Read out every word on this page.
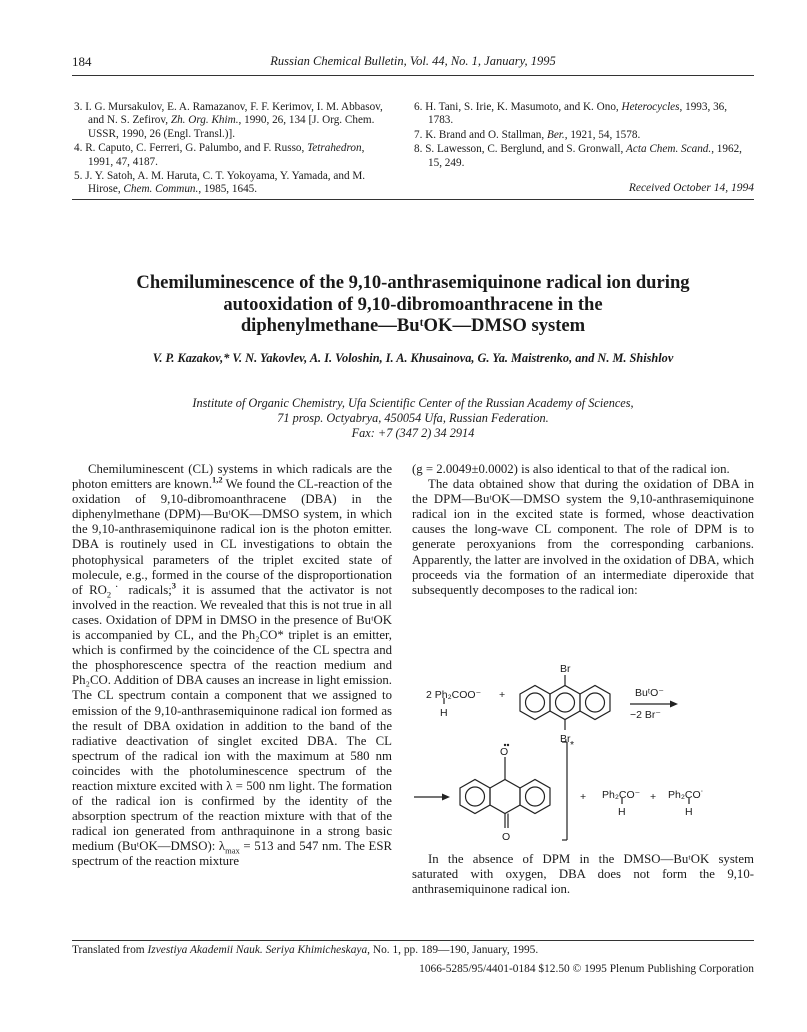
184	Russian Chemical Bulletin, Vol. 44, No. 1, January, 1995
3. I. G. Mursakulov, E. A. Ramazanov, F. F. Kerimov, I. M. Abbasov, and N. S. Zefirov, Zh. Org. Khim., 1990, 26, 134 [J. Org. Chem. USSR, 1990, 26 (Engl. Transl.)].
4. R. Caputo, C. Ferreri, G. Palumbo, and F. Russo, Tetrahedron, 1991, 47, 4187.
5. J. Y. Satoh, A. M. Haruta, C. T. Yokoyama, Y. Yamada, and M. Hirose, Chem. Commun., 1985, 1645.
6. H. Tani, S. Irie, K. Masumoto, and K. Ono, Heterocycles, 1993, 36, 1783.
7. K. Brand and O. Stallman, Ber., 1921, 54, 1578.
8. S. Lawesson, C. Berglund, and S. Gronwall, Acta Chem. Scand., 1962, 15, 249.
Received October 14, 1994
Chemiluminescence of the 9,10-anthrasemiquinone radical ion during
autooxidation of 9,10-dibromoanthracene in the
diphenylmethane—BuᵗOK—DMSO system
V. P. Kazakov,* V. N. Yakovlev, A. I. Voloshin, I. A. Khusainova, G. Ya. Maistrenko, and N. M. Shishlov
Institute of Organic Chemistry, Ufa Scientific Center of the Russian Academy of Sciences,
71 prosp. Octyabrya, 450054 Ufa, Russian Federation.
Fax: +7 (347 2) 34 2914

Chemiluminescent (CL) systems in which radicals are the photon emitters are known.$^{1,2}$ We found the CL-reaction of the oxidation of 9,10-dibromoanthracene (DBA) in the diphenylmethane (DPM)—BuᵗOK—DMSO system, in which the 9,10-anthrasemiquinone radical ion is the photon emitter. DBA is routinely used in CL investigations to obtain the photophysical parameters of the triplet excited state of molecule, e.g., formed in the course of the disproportionation of $RO_2˙$ radicals;$^3$ it is assumed that the activator is not involved in the reaction. We revealed that this is not true in all cases. Oxidation of DPM in DMSO in the presence of BuᵗOK is accompanied by CL, and the Ph₂CO* triplet is an emitter, which is confirmed by the coincidence of the CL spectra and the phosphorescence spectra of the reaction medium and Ph₂CO. Addition of DBA causes an increase in light emission. The CL spectrum contain a component that we assigned to emission of the 9,10-anthrasemiquinone radical ion formed as the result of DBA oxidation in addition to the band of the radiative deactivation of singlet excited DBA. The CL spectrum of the radical ion with the maximum at 580 nm coincides with the photoluminescence spectrum of the reaction mixture excited with λ = 500 nm light. The formation of the radical ion is confirmed by the identity of the absorption spectrum of the reaction mixture with that of the radical ion generated from anthraquinone in a strong basic medium (BuᵗOK—DMSO): $\lambda_{max} = 513$ and 547 nm. The ESR spectrum of the reaction mixture

(g = 2.0049±0.0002) is also identical to that of the radical ion.

The data obtained show that during the oxidation of DBA in the DPM—BuᵗOK—DMSO system the 9,10-anthrasemiquinone radical ion in the excited state is formed, whose deactivation causes the long-wave CL component. The role of DPM is to generate peroxyanions from the corresponding carbanions. Apparently, the latter are involved in the oxidation of DBA, which proceeds via the formation of an intermediate diperoxide that subsequently decomposes to the radical ion:

2 Ph₂COO⁻
H
+
Br
Br
BuᵗO⁻
−2 Br⁻
O
O
*
+ Ph₂CO⁻
H
+ Ph₂CO˙
H

In the absence of DPM in the DMSO—BuᵗOK system saturated with oxygen, DBA does not form the 9,10-anthrasemiquinone radical ion.

Translated from Izvestiya Akademii Nauk. Seriya Khimicheskaya, No. 1, pp. 189—190, January, 1995.
1066-5285/95/4401-0184 $12.50 © 1995 Plenum Publishing Corporation
